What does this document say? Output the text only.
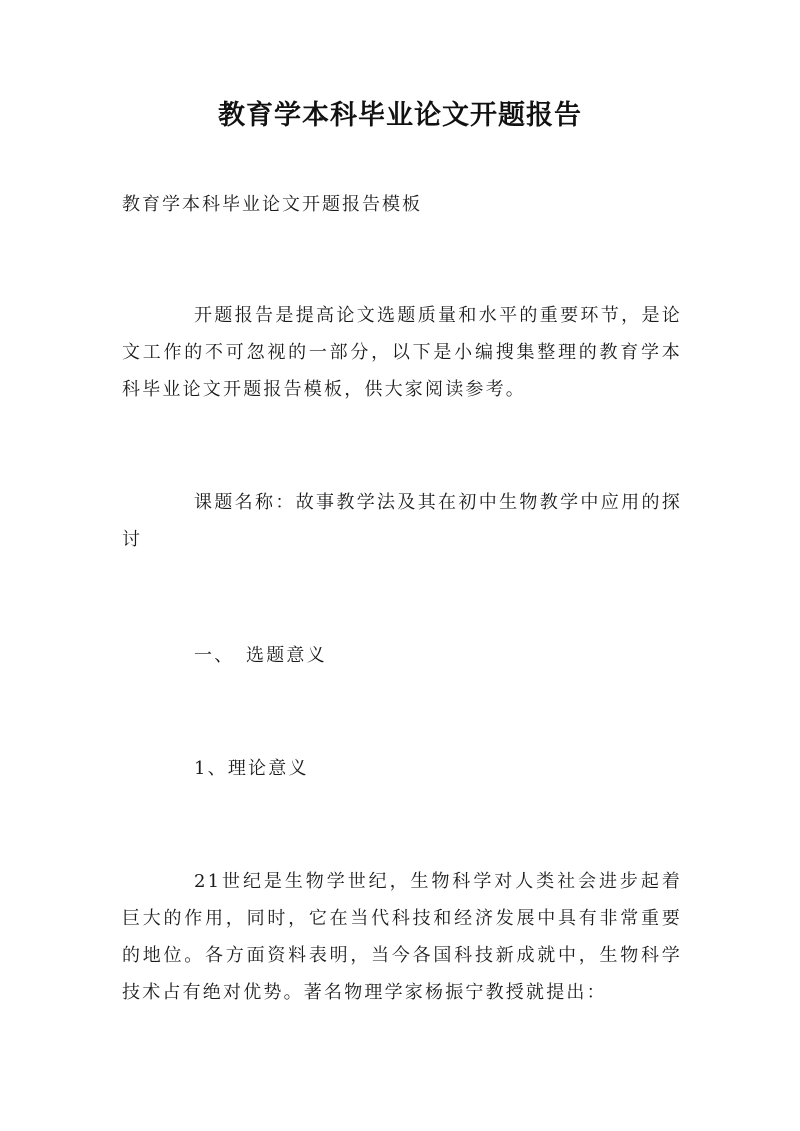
教育学本科毕业论文开题报告
教育学本科毕业论文开题报告模板
开题报告是提高论文选题质量和水平的重要环节，是论文工作的不可忽视的一部分，以下是小编搜集整理的教育学本科毕业论文开题报告模板，供大家阅读参考。
课题名称：故事教学法及其在初中生物教学中应用的探讨
一、 选题意义
1、理论意义
21世纪是生物学世纪，生物科学对人类社会进步起着巨大的作用，同时，它在当代科技和经济发展中具有非常重要的地位。各方面资料表明，当今各国科技新成就中，生物科学技术占有绝对优势。著名物理学家杨振宁教授就提出：
